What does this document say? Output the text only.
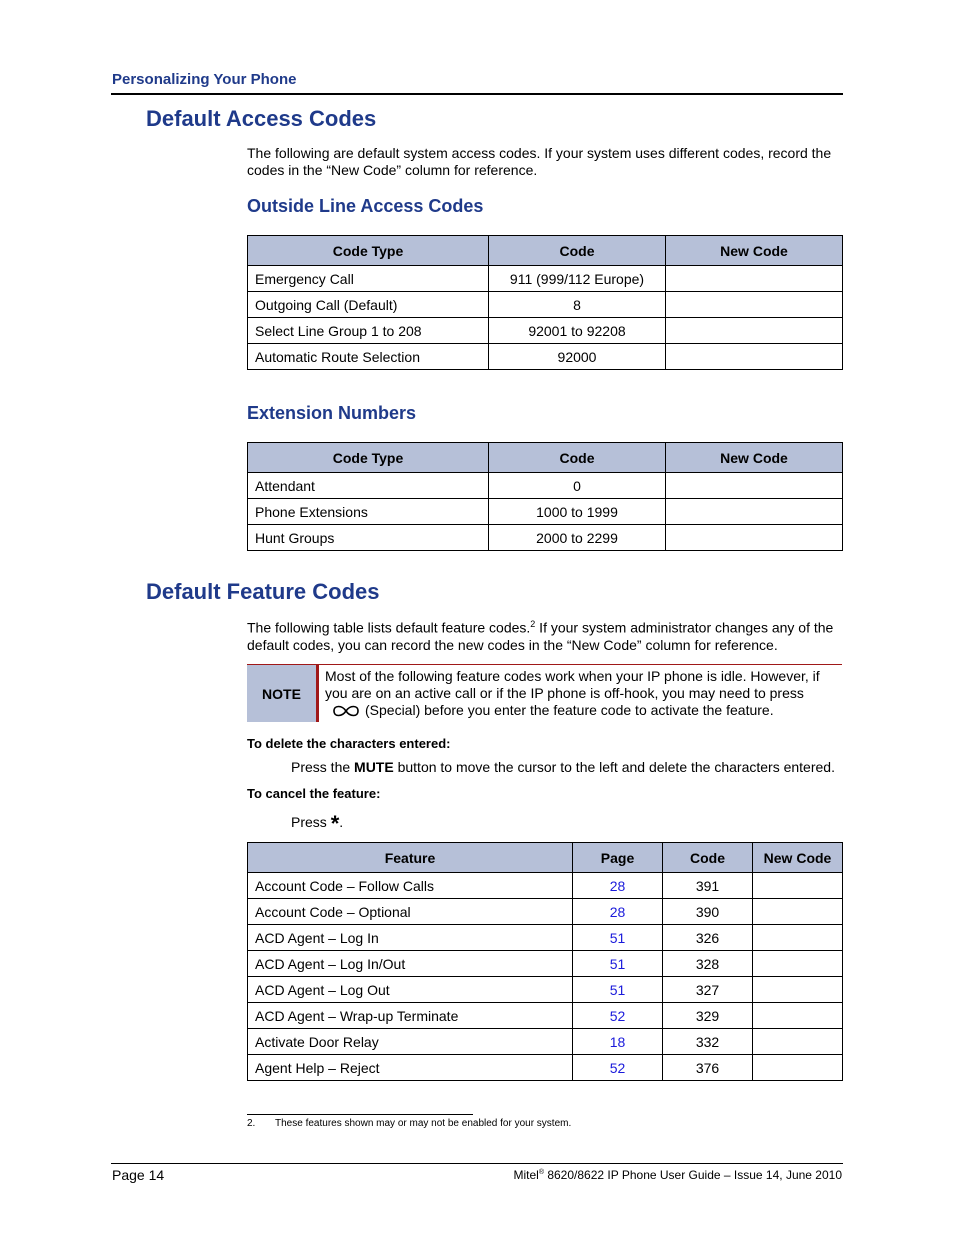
Personalizing Your Phone
Default Access Codes
The following are default system access codes. If your system uses different codes, record the codes in the “New Code” column for reference.
Outside Line Access Codes
Code Type	Code	New Code
Emergency Call	911 (999/112 Europe)	
Outgoing Call (Default)	8	
Select Line Group 1 to 208	92001 to 92208	
Automatic Route Selection	92000	
Extension Numbers
Code Type	Code	New Code
Attendant	0	
Phone Extensions	1000 to 1999	
Hunt Groups	2000 to 2299	
Default Feature Codes
The following table lists default feature codes.$^2$ If your system administrator changes any of the default codes, you can record the new codes in the “New Code” column for reference.
NOTE
Most of the following feature codes work when your IP phone is idle. However, if you are on an active call or if the IP phone is off-hook, you may need to press
(Special) before you enter the feature code to activate the feature.
To delete the characters entered:
Press the MUTE button to move the cursor to the left and delete the characters entered.
To cancel the feature:
Press *.
Feature	Page	Code	New Code
Account Code – Follow Calls	28	391	
Account Code – Optional	28	390	
ACD Agent – Log In	51	326	
ACD Agent – Log In/Out	51	328	
ACD Agent – Log Out	51	327	
ACD Agent – Wrap-up Terminate	52	329	
Activate Door Relay	18	332	
Agent Help – Reject	52	376	
2. These features shown may or may not be enabled for your system.
Page 14	Mitel® 8620/8622 IP Phone User Guide – Issue 14, June 2010
